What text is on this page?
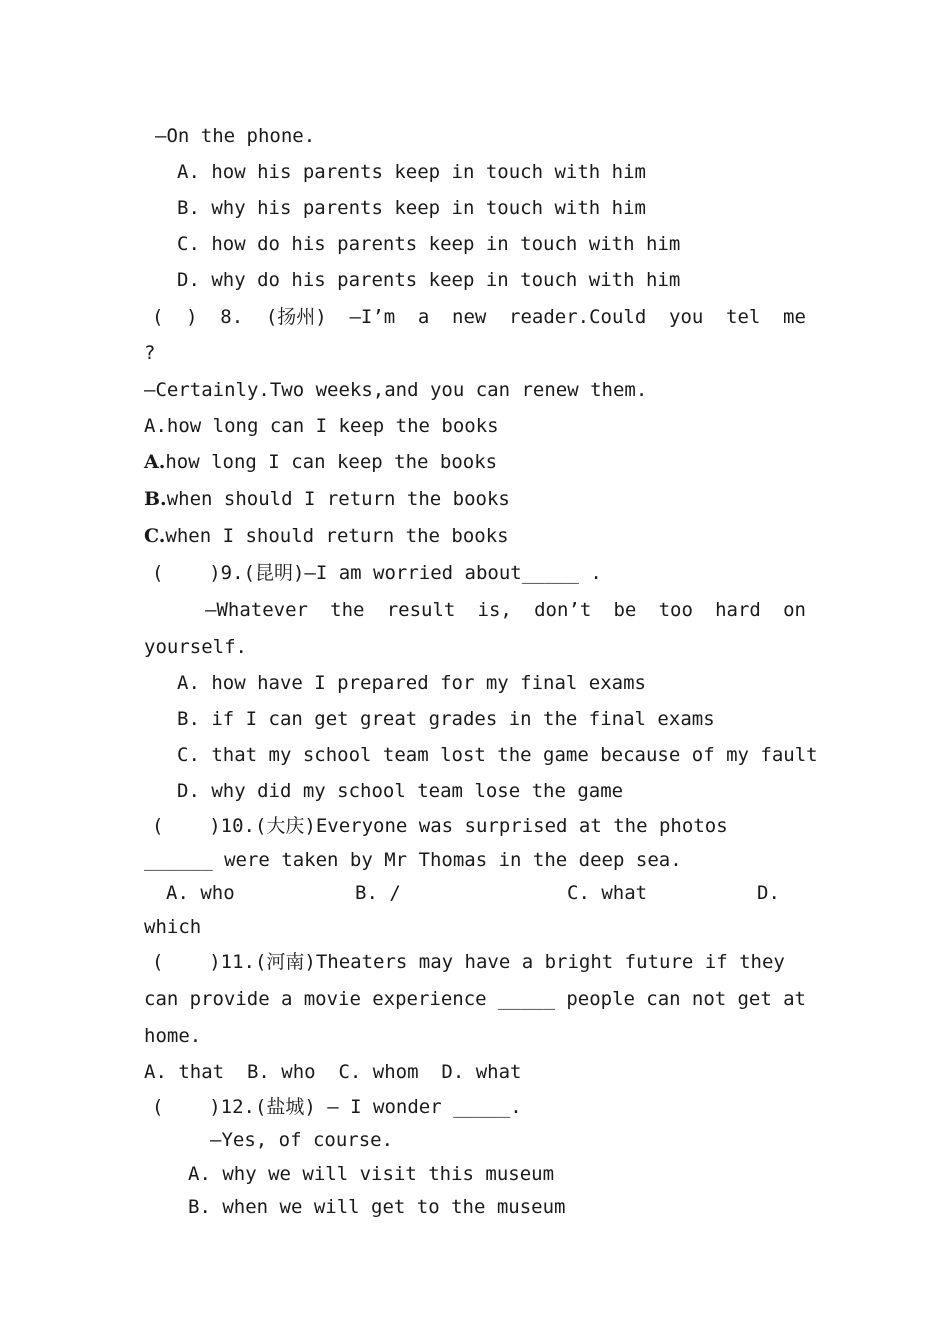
—On the phone.
A. how his parents keep in touch with him
B. why his parents keep in touch with him
C. how do his parents keep in touch with him
D. why do his parents keep in touch with him
( ) 8. (扬州) —I’m a new reader.Could you tel me
?
—Certainly.Two weeks,and you can renew them.
A.how long can I keep the books
A.how long I can keep the books
B.when should I return the books
C.when I should return the books
(    )9.(昆明)—I am worried about_____ .
—Whatever the result is, don’t be too hard on
yourself.
A. how have I prepared for my final exams
B. if I can get great grades in the final exams
C. that my school team lost the game because of my fault
D. why did my school team lose the game
(    )10.(大庆)Everyone was surprised at the photos
______ were taken by Mr Thomas in the deep sea.
A. who	B. /	C. what	D.
which
(    )11.(河南)Theaters may have a bright future if they
can provide a movie experience _____ people can not get at
home.
A. that  B. who  C. whom  D. what
(    )12.(盐城) — I wonder _____.
—Yes, of course.
A. why we will visit this museum
B. when we will get to the museum
